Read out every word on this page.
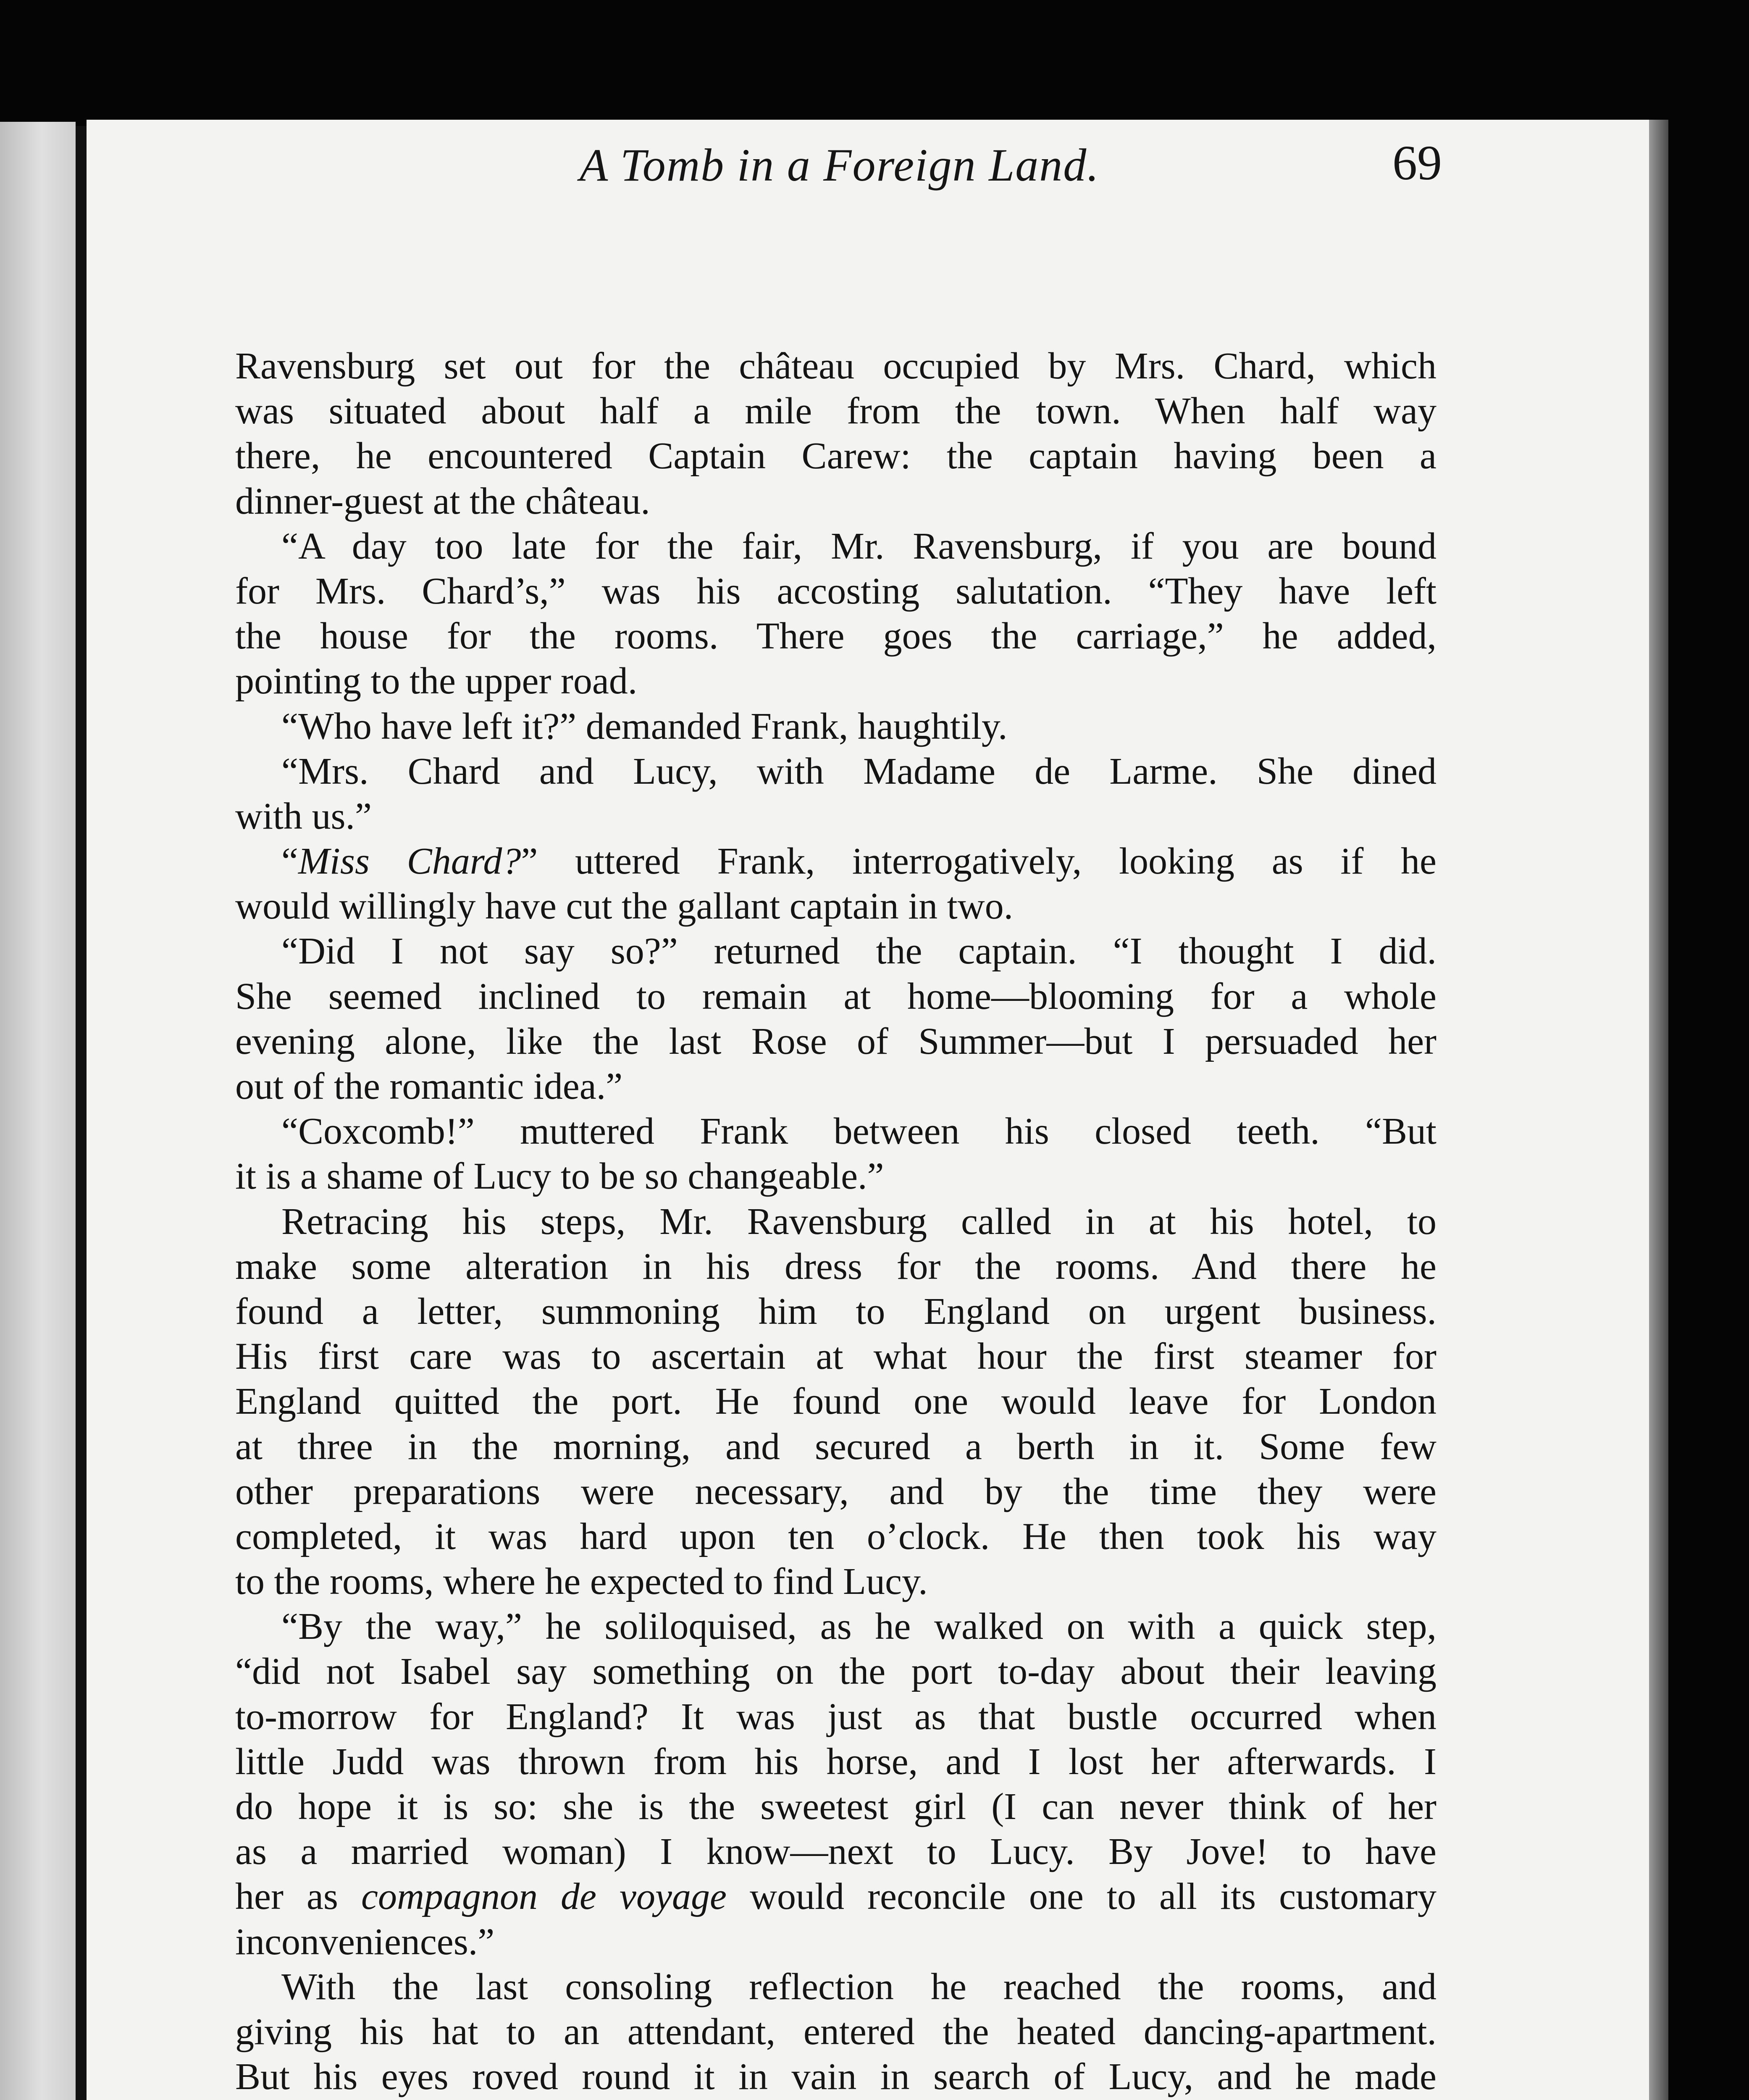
A Tomb in a Foreign Land.	69
Ravensburg set out for the château occupied by Mrs. Chard, which
was situated about half a mile from the town. When half way
there, he encountered Captain Carew: the captain having been a
dinner-guest at the château.
“A day too late for the fair, Mr. Ravensburg, if you are bound
for Mrs. Chard’s,” was his accosting salutation. “They have left
the house for the rooms. There goes the carriage,” he added,
pointing to the upper road.
“Who have left it?” demanded Frank, haughtily.
“Mrs. Chard and Lucy, with Madame de Larme. She dined
with us.”
“Miss Chard?” uttered Frank, interrogatively, looking as if he
would willingly have cut the gallant captain in two.
“Did I not say so?” returned the captain. “I thought I did.
She seemed inclined to remain at home—blooming for a whole
evening alone, like the last Rose of Summer—but I persuaded her
out of the romantic idea.”
“Coxcomb!” muttered Frank between his closed teeth. “But
it is a shame of Lucy to be so changeable.”
Retracing his steps, Mr. Ravensburg called in at his hotel, to
make some alteration in his dress for the rooms. And there he
found a letter, summoning him to England on urgent business.
His first care was to ascertain at what hour the first steamer for
England quitted the port. He found one would leave for London
at three in the morning, and secured a berth in it. Some few
other preparations were necessary, and by the time they were
completed, it was hard upon ten o’clock. He then took his way
to the rooms, where he expected to find Lucy.
“By the way,” he soliloquised, as he walked on with a quick step,
“did not Isabel say something on the port to-day about their leaving
to-morrow for England? It was just as that bustle occurred when
little Judd was thrown from his horse, and I lost her afterwards. I
do hope it is so: she is the sweetest girl (I can never think of her
as a married woman) I know—next to Lucy. By Jove! to have
her as compagnon de voyage would reconcile one to all its customary
inconveniences.”
With the last consoling reflection he reached the rooms, and
giving his hat to an attendant, entered the heated dancing-apartment.
But his eyes roved round it in vain in search of Lucy, and he made
